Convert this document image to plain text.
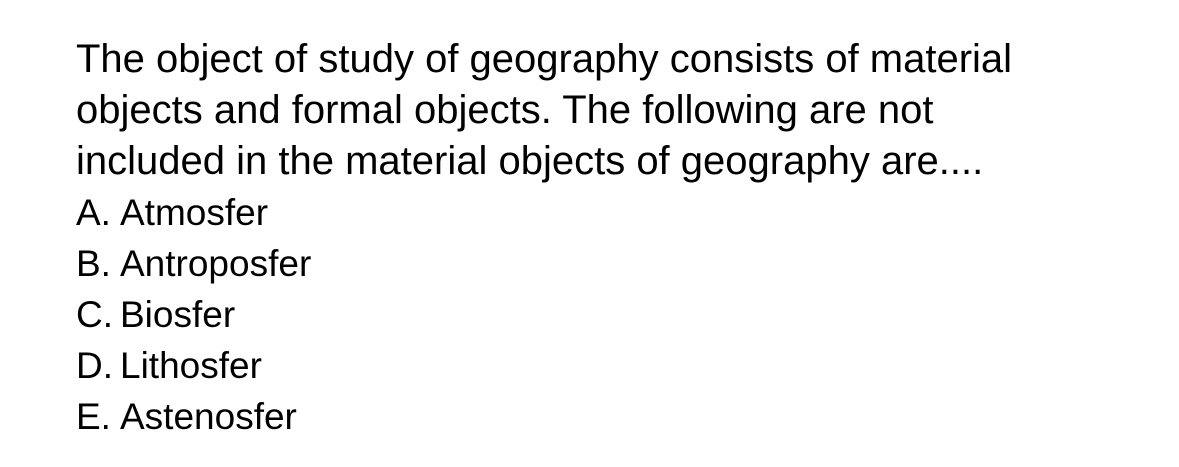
The object of study of geography consists of material
objects and formal objects. The following are not
included in the material objects of geography are....
A. Atmosfer
B. Antroposfer
C. Biosfer
D. Lithosfer
E. Astenosfer
